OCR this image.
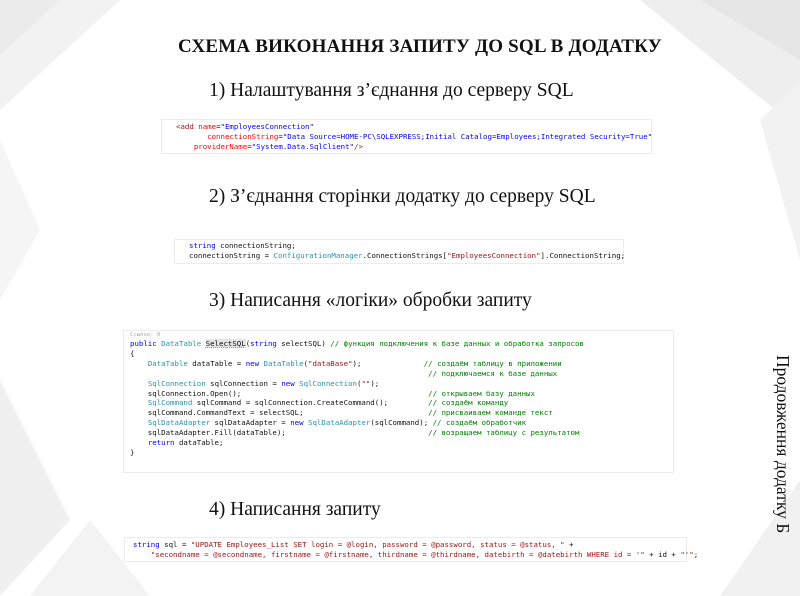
СХЕМА ВИКОНАННЯ ЗАПИТУ ДО SQL В ДОДАТКУ
1) Налаштування з’єднання до серверу SQL
<add name="EmployeesConnection"
connectionString="Data Source=HOME-PC\SQLEXPRESS;Initial Catalog=Employees;Integrated Security=True"
providerName="System.Data.SqlClient"/>
2) З’єднання сторінки додатку до серверу SQL
string connectionString;
connectionString = ConfigurationManager.ConnectionStrings["EmployeesConnection"].ConnectionString;
3) Написання «логіки» обробки запиту
Ссылок: 0
public DataTable SelectSQL(string selectSQL) // функция подключения к базе данных и обработка запросов
{
DataTable dataTable = new DataTable("dataBase");              // создаём таблицу в приложении
// подключаемся к базе данных
SqlConnection sqlConnection = new SqlConnection("");
sqlConnection.Open();                                          // открываем базу данных
SqlCommand sqlCommand = sqlConnection.CreateCommand();         // создаём команду
sqlCommand.CommandText = selectSQL;                            // присваиваем команде текст
SqlDataAdapter sqlDataAdapter = new SqlDataAdapter(sqlCommand); // создаём обработчик
sqlDataAdapter.Fill(dataTable);                                // возращаем таблицу с результатом
return dataTable;
}
4) Написання запиту
string sql = "UPDATE Employees_List SET login = @login, password = @password, status = @status, " +
"secondname = @secondname, firstname = @firstname, thirdname = @thirdname, datebirth = @datebirth WHERE id = '" + id + "'";
Продовження додатку Б
